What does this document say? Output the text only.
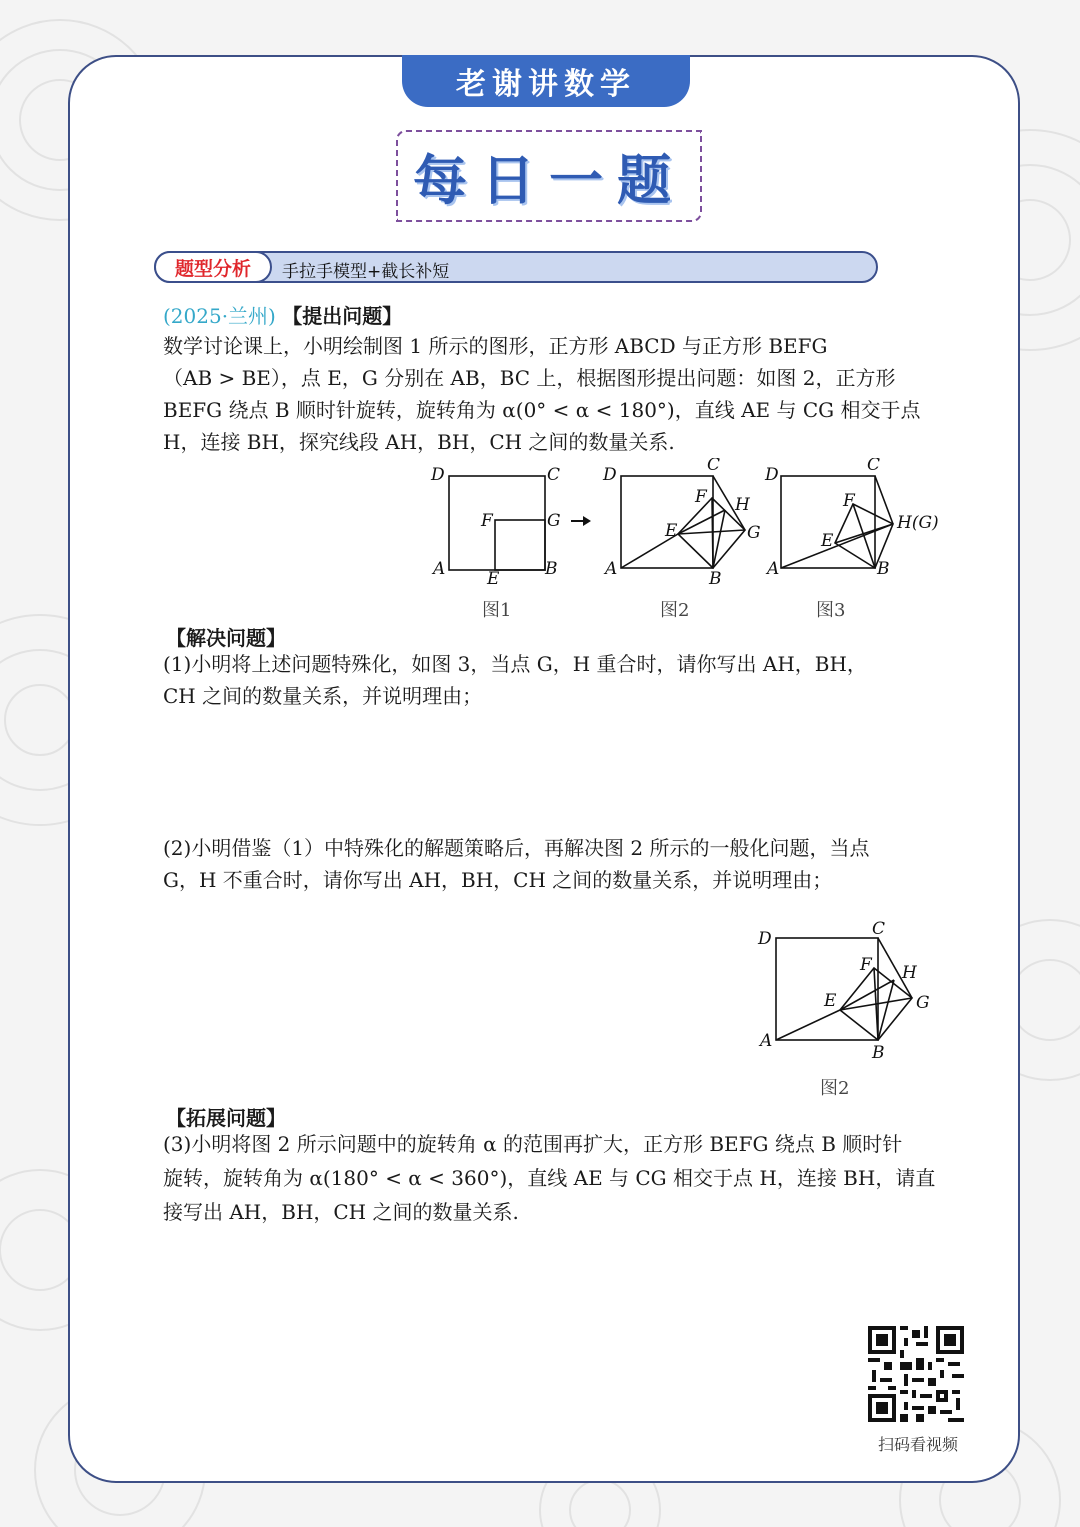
老谢讲数学
每日一题
题型分析	手拉手模型+截长补短
(2025·兰州) 【提出问题】
数学讨论课上，小明绘制图 1 所示的图形，正方形 ABCD 与正方形 BEFG
（AB > BE），点 E，G 分别在 AB，BC 上，根据图形提出问题：如图 2，正方形
BEFG 绕点 B 顺时针旋转，旋转角为 α(0° < α < 180°)，直线 AE 与 CG 相交于点
H，连接 BH，探究线段 AH，BH，CH 之间的数量关系.
D	C
F	G
A E	B
D	C
F H
E	G
A	B
D	C
F
H(G)
E
A	B
图1	图2	图3
【解决问题】
(1)小明将上述问题特殊化，如图 3，当点 G，H 重合时，请你写出 AH，BH，
CH 之间的数量关系，并说明理由；
(2)小明借鉴（1）中特殊化的解题策略后，再解决图 2 所示的一般化问题，当点
G，H 不重合时，请你写出 AH，BH，CH 之间的数量关系，并说明理由；
D	C
F H
E	G
A
B
图2
【拓展问题】
(3)小明将图 2 所示问题中的旋转角 α 的范围再扩大，正方形 BEFG 绕点 B 顺时针
旋转，旋转角为 α(180° < α < 360°)，直线 AE 与 CG 相交于点 H，连接 BH，请直
接写出 AH，BH，CH 之间的数量关系.
扫码看视频
